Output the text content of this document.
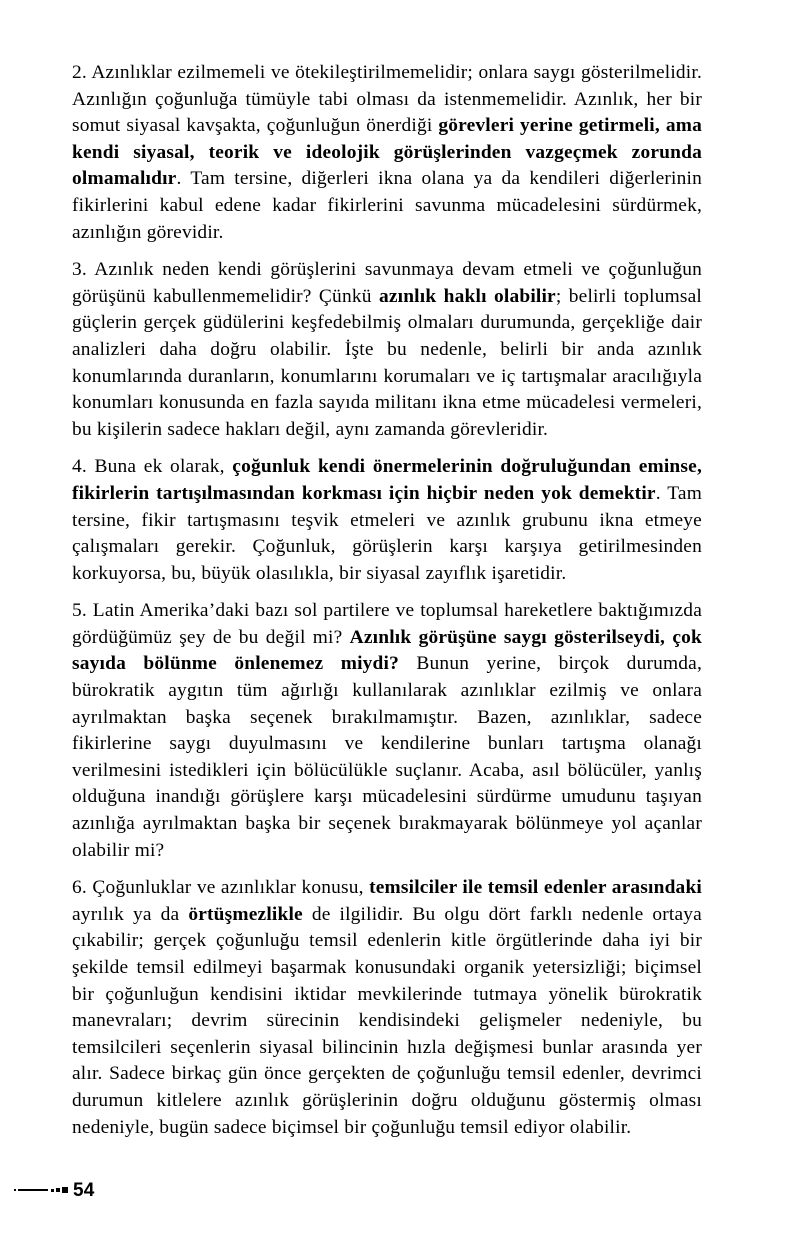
2. Azınlıklar ezilmemeli ve ötekileştirilmemelidir; onlara saygı gösterilmelidir. Azınlığın çoğunluğa tümüyle tabi olması da istenmemelidir. Azınlık, her bir somut siyasal kavşakta, çoğunluğun önerdiği görevleri yerine getirmeli, ama kendi siyasal, teorik ve ideolojik görüşlerinden vazgeçmek zorunda olmamalıdır. Tam tersine, diğerleri ikna olana ya da kendileri diğerlerinin fikirlerini kabul edene kadar fikirlerini savunma mücadelesini sürdürmek, azınlığın görevidir.

3. Azınlık neden kendi görüşlerini savunmaya devam etmeli ve çoğunluğun görüşünü kabullenmemelidir? Çünkü azınlık haklı olabilir; belirli toplumsal güçlerin gerçek güdülerini keşfedebilmiş olmaları durumunda, gerçekliğe dair analizleri daha doğru olabilir. İşte bu nedenle, belirli bir anda azınlık konumlarında duranların, konumlarını korumaları ve iç tartışmalar aracılığıyla konumları konusunda en fazla sayıda militanı ikna etme mücadelesi vermeleri, bu kişilerin sadece hakları değil, aynı zamanda görevleridir.

4. Buna ek olarak, çoğunluk kendi önermelerinin doğruluğundan eminse, fikirlerin tartışılmasından korkması için hiçbir neden yok demektir. Tam tersine, fikir tartışmasını teşvik etmeleri ve azınlık grubunu ikna etmeye çalışmaları gerekir. Çoğunluk, görüşlerin karşı karşıya getirilmesinden korkuyorsa, bu, büyük olasılıkla, bir siyasal zayıflık işaretidir.

5. Latin Amerika’daki bazı sol partilere ve toplumsal hareketlere baktığımızda gördüğümüz şey de bu değil mi? Azınlık görüşüne saygı gösterilseydi, çok sayıda bölünme önlenemez miydi? Bunun yerine, birçok durumda, bürokratik aygıtın tüm ağırlığı kullanılarak azınlıklar ezilmiş ve onlara ayrılmaktan başka seçenek bırakılmamıştır. Bazen, azınlıklar, sadece fikirlerine saygı duyulmasını ve kendilerine bunları tartışma olanağı verilmesini istedikleri için bölücülükle suçlanır. Acaba, asıl bölücüler, yanlış olduğuna inandığı görüşlere karşı mücadelesini sürdürme umudunu taşıyan azınlığa ayrılmaktan başka bir seçenek bırakmayarak bölünmeye yol açanlar olabilir mi?

6. Çoğunluklar ve azınlıklar konusu, temsilciler ile temsil edenler arasındaki ayrılık ya da örtüşmezlikle de ilgilidir. Bu olgu dört farklı nedenle ortaya çıkabilir; gerçek çoğunluğu temsil edenlerin kitle örgütlerinde daha iyi bir şekilde temsil edilmeyi başarmak konusundaki organik yetersizliği; biçimsel bir çoğunluğun kendisini iktidar mevkilerinde tutmaya yönelik bürokratik manevraları; devrim sürecinin kendisindeki gelişmeler nedeniyle, bu temsilcileri seçenlerin siyasal bilincinin hızla değişmesi bunlar arasında yer alır. Sadece birkaç gün önce gerçekten de çoğunluğu temsil edenler, devrimci durumun kitlelere azınlık görüşlerinin doğru olduğunu göstermiş olması nedeniyle, bugün sadece biçimsel bir çoğunluğu temsil ediyor olabilir.

54
